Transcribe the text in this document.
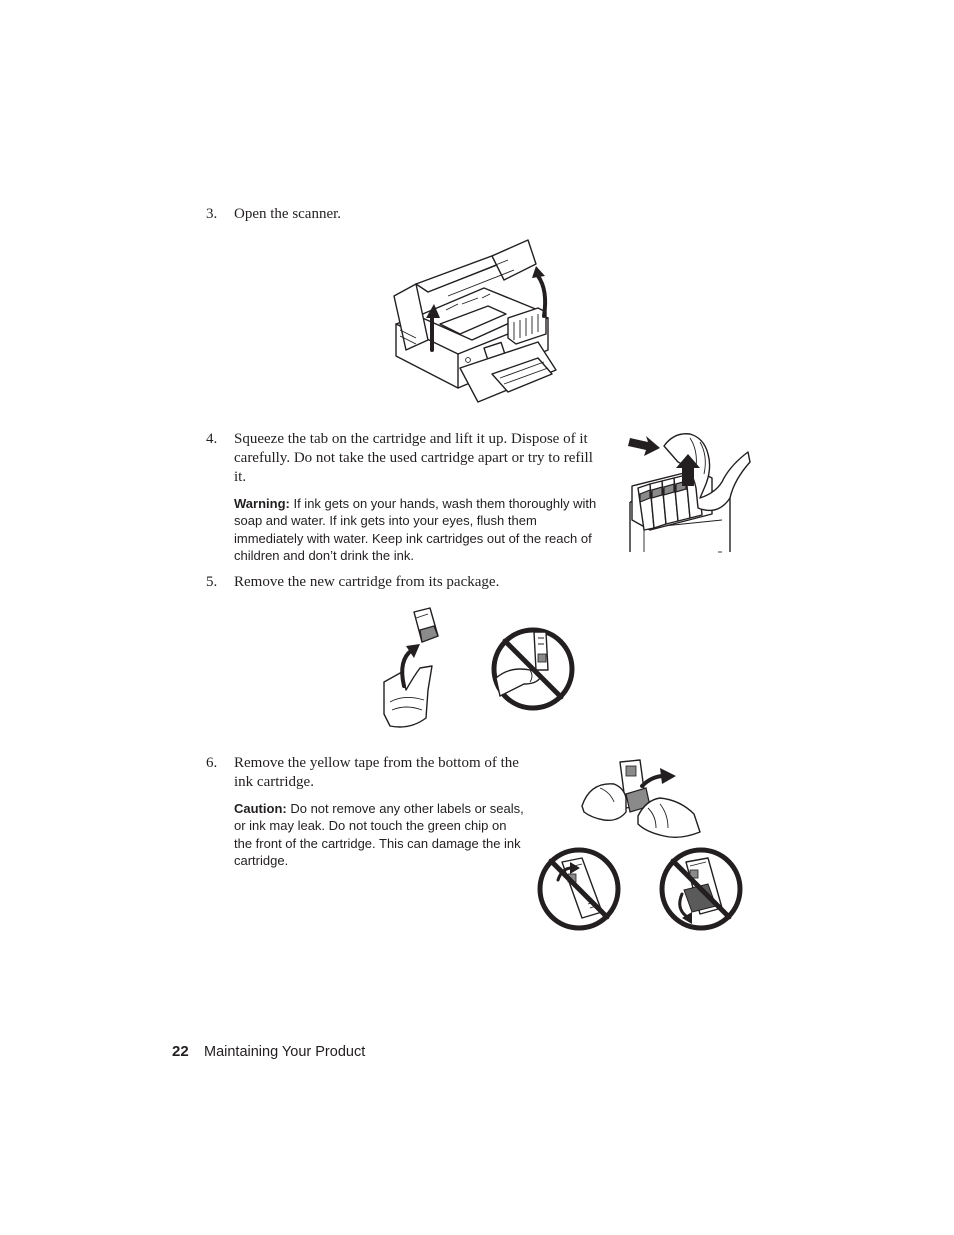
3. Open the scanner.
4. Squeeze the tab on the cartridge and lift it up. Dispose of it carefully. Do not take the used cartridge apart or try to refill it.
Warning: If ink gets on your hands, wash them thoroughly with soap and water. If ink gets into your eyes, flush them immediately with water. Keep ink cartridges out of the reach of children and don’t drink the ink.
5. Remove the new cartridge from its package.
6. Remove the yellow tape from the bottom of the ink cartridge.
Caution: Do not remove any other labels or seals, or ink may leak. Do not touch the green chip on the front of the cartridge. This can damage the ink cartridge.
22 Maintaining Your Product
